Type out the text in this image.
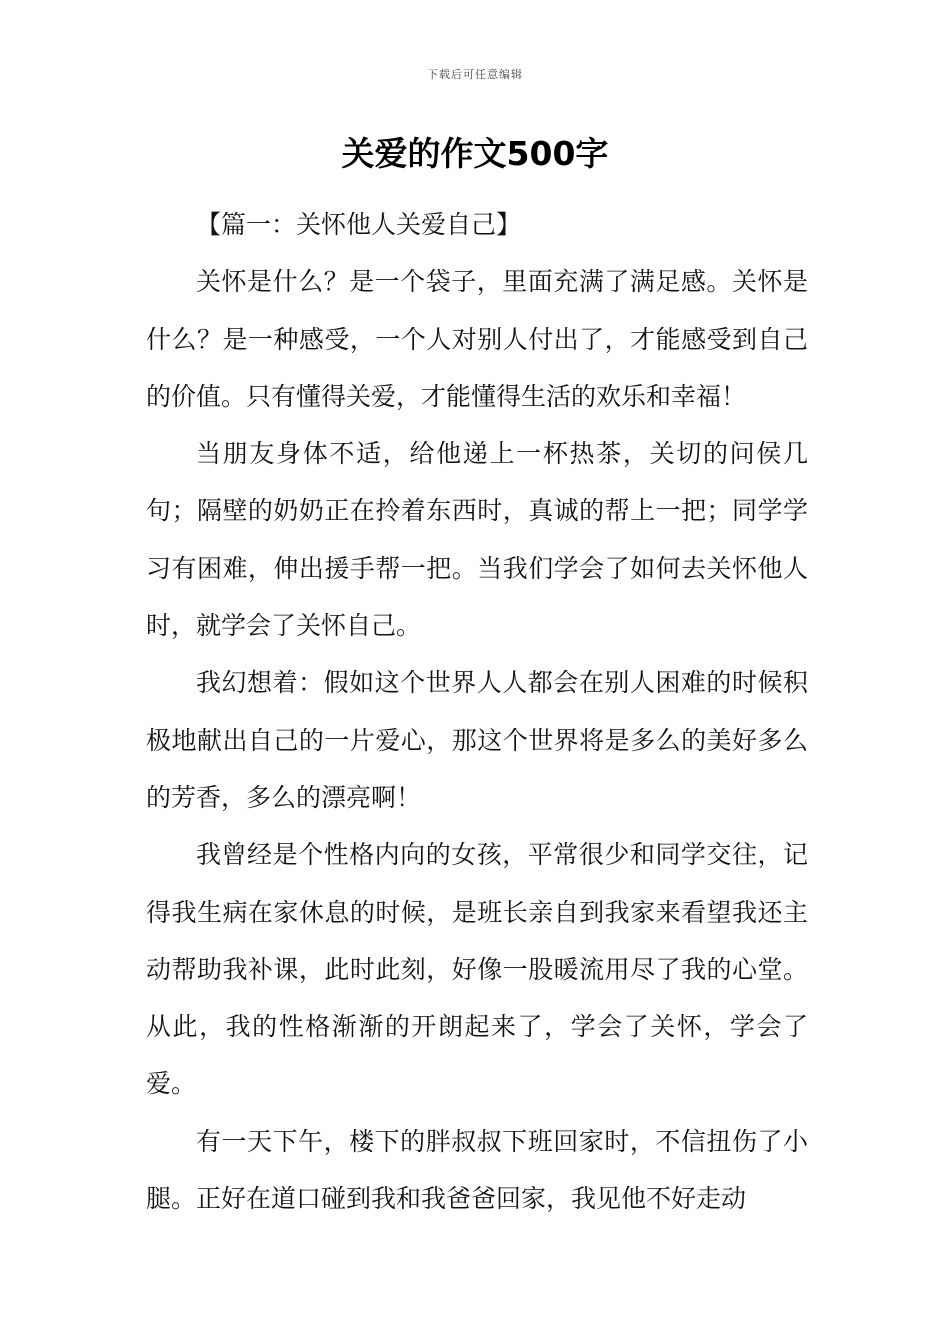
下载后可任意编辑
关爱的作文500字

【篇一：关怀他人关爱自己】

关怀是什么？是一个袋子，里面充满了满足感。关怀是什么？是一种感受，一个人对别人付出了，才能感受到自己的价值。只有懂得关爱，才能懂得生活的欢乐和幸福！

当朋友身体不适，给他递上一杯热茶，关切的问侯几句；隔壁的奶奶正在拎着东西时，真诚的帮上一把；同学学习有困难，伸出援手帮一把。当我们学会了如何去关怀他人时，就学会了关怀自己。

我幻想着：假如这个世界人人都会在别人困难的时候积极地献出自己的一片爱心，那这个世界将是多么的美好多么的芳香，多么的漂亮啊！

我曾经是个性格内向的女孩，平常很少和同学交往，记得我生病在家休息的时候，是班长亲自到我家来看望我还主动帮助我补课，此时此刻，好像一股暖流用尽了我的心堂。从此，我的性格渐渐的开朗起来了，学会了关怀，学会了爱。

有一天下午，楼下的胖叔叔下班回家时，不信扭伤了小腿。正好在道口碰到我和我爸爸回家，我见他不好走动
